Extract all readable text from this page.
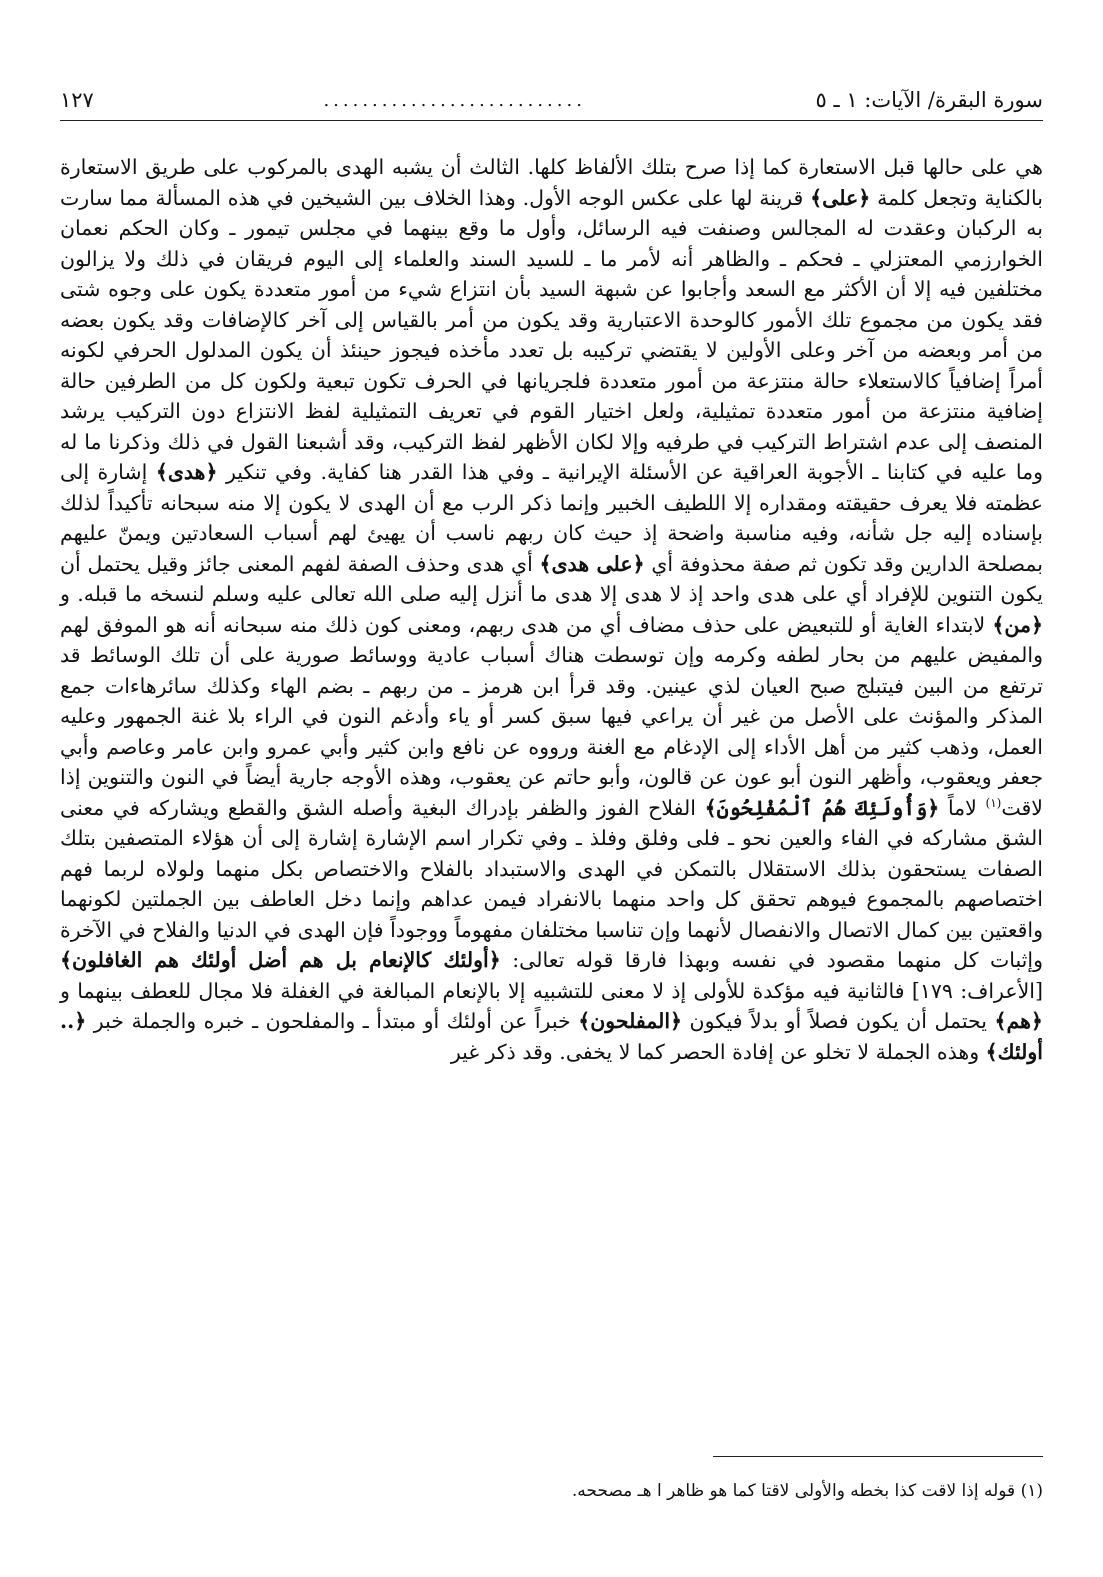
سورة البقرة/ الآيات: ١ ـ ٥
...........................
١٢٧

هي على حالها قبل الاستعارة كما إذا صرح بتلك الألفاظ كلها. الثالث أن يشبه الهدى بالمركوب على طريق الاستعارة بالكناية وتجعل كلمة ﴿على﴾ قرينة لها على عكس الوجه الأول. وهذا الخلاف بين الشيخين في هذه المسألة مما سارت به الركبان وعقدت له المجالس وصنفت فيه الرسائل، وأول ما وقع بينهما في مجلس تيمور ـ وكان الحكم نعمان الخوارزمي المعتزلي ـ فحكم ـ والظاهر أنه لأمر ما ـ للسيد السند والعلماء إلى اليوم فريقان في ذلك ولا يزالون مختلفين فيه إلا أن الأكثر مع السعد وأجابوا عن شبهة السيد بأن انتزاع شيء من أمور متعددة يكون على وجوه شتى فقد يكون من مجموع تلك الأمور كالوحدة الاعتبارية وقد يكون من أمر بالقياس إلى آخر كالإضافات وقد يكون بعضه من أمر وبعضه من آخر وعلى الأولين لا يقتضي تركيبه بل تعدد مأخذه فيجوز حينئذ أن يكون المدلول الحرفي لكونه أمراً إضافياً كالاستعلاء حالة منتزعة من أمور متعددة فلجريانها في الحرف تكون تبعية ولكون كل من الطرفين حالة إضافية منتزعة من أمور متعددة تمثيلية، ولعل اختيار القوم في تعريف التمثيلية لفظ الانتزاع دون التركيب يرشد المنصف إلى عدم اشتراط التركيب في طرفيه وإلا لكان الأظهر لفظ التركيب، وقد أشبعنا القول في ذلك وذكرنا ما له وما عليه في كتابنا ـ الأجوبة العراقية عن الأسئلة الإيرانية ـ وفي هذا القدر هنا كفاية. وفي تنكير ﴿هدى﴾ إشارة إلى عظمته فلا يعرف حقيقته ومقداره إلا اللطيف الخبير وإنما ذكر الرب مع أن الهدى لا يكون إلا منه سبحانه تأكيداً لذلك بإسناده إليه جل شأنه، وفيه مناسبة واضحة إذ حيث كان ربهم ناسب أن يهيئ لهم أسباب السعادتين ويمنّ عليهم بمصلحة الدارين وقد تكون ثم صفة محذوفة أي ﴿على هدى﴾ أي هدى وحذف الصفة لفهم المعنى جائز وقيل يحتمل أن يكون التنوين للإفراد أي على هدى واحد إذ لا هدى إلا هدى ما أنزل إليه صلى الله تعالى عليه وسلم لنسخه ما قبله. و ﴿من﴾ لابتداء الغاية أو للتبعيض على حذف مضاف أي من هدى ربهم، ومعنى كون ذلك منه سبحانه أنه هو الموفق لهم والمفيض عليهم من بحار لطفه وكرمه وإن توسطت هناك أسباب عادية ووسائط صورية على أن تلك الوسائط قد ترتفع من البين فيتبلج صبح العيان لذي عينين. وقد قرأ ابن هرمز ـ من ربهم ـ بضم الهاء وكذلك سائرهاءات جمع المذكر والمؤنث على الأصل من غير أن يراعي فيها سبق كسر أو ياء وأدغم النون في الراء بلا غنة الجمهور وعليه العمل، وذهب كثير من أهل الأداء إلى الإدغام مع الغنة ورووه عن نافع وابن كثير وأبي عمرو وابن عامر وعاصم وأبي جعفر ويعقوب، وأظهر النون أبو عون عن قالون، وأبو حاتم عن يعقوب، وهذه الأوجه جارية أيضاً في النون والتنوين إذا لاقت$^{(١)}$ لاماً ﴿وَأُولَئِكَ هُمُ ٱلْمُفْلِحُونَ﴾ الفلاح الفوز والظفر بإدراك البغية وأصله الشق والقطع ويشاركه في معنى الشق مشاركه في الفاء والعين نحو ـ فلى وفلق وفلذ ـ وفي تكرار اسم الإشارة إشارة إلى أن هؤلاء المتصفين بتلك الصفات يستحقون بذلك الاستقلال بالتمكن في الهدى والاستبداد بالفلاح والاختصاص بكل منهما ولولاه لربما فهم اختصاصهم بالمجموع فيوهم تحقق كل واحد منهما بالانفراد فيمن عداهم وإنما دخل العاطف بين الجملتين لكونهما واقعتين بين كمال الاتصال والانفصال لأنهما وإن تناسبا مختلفان مفهوماً ووجوداً فإن الهدى في الدنيا والفلاح في الآخرة وإثبات كل منهما مقصود في نفسه وبهذا فارقا قوله تعالى: ﴿أولئك كالإنعام بل هم أضل أولئك هم الغافلون﴾ [الأعراف: ١٧٩] فالثانية فيه مؤكدة للأولى إذ لا معنى للتشبيه إلا بالإنعام المبالغة في الغفلة فلا مجال للعطف بينهما و ﴿هم﴾ يحتمل أن يكون فصلاً أو بدلاً فيكون ﴿المفلحون﴾ خبراً عن أولئك أو مبتدأ ـ والمفلحون ـ خبره والجملة خبر ﴿.. أولئك﴾ وهذه الجملة لا تخلو عن إفادة الحصر كما لا يخفى. وقد ذكر غير

(١) قوله إذا لاقت كذا بخطه والأولى لاقتا كما هو ظاهر ا هـ مصححه.
